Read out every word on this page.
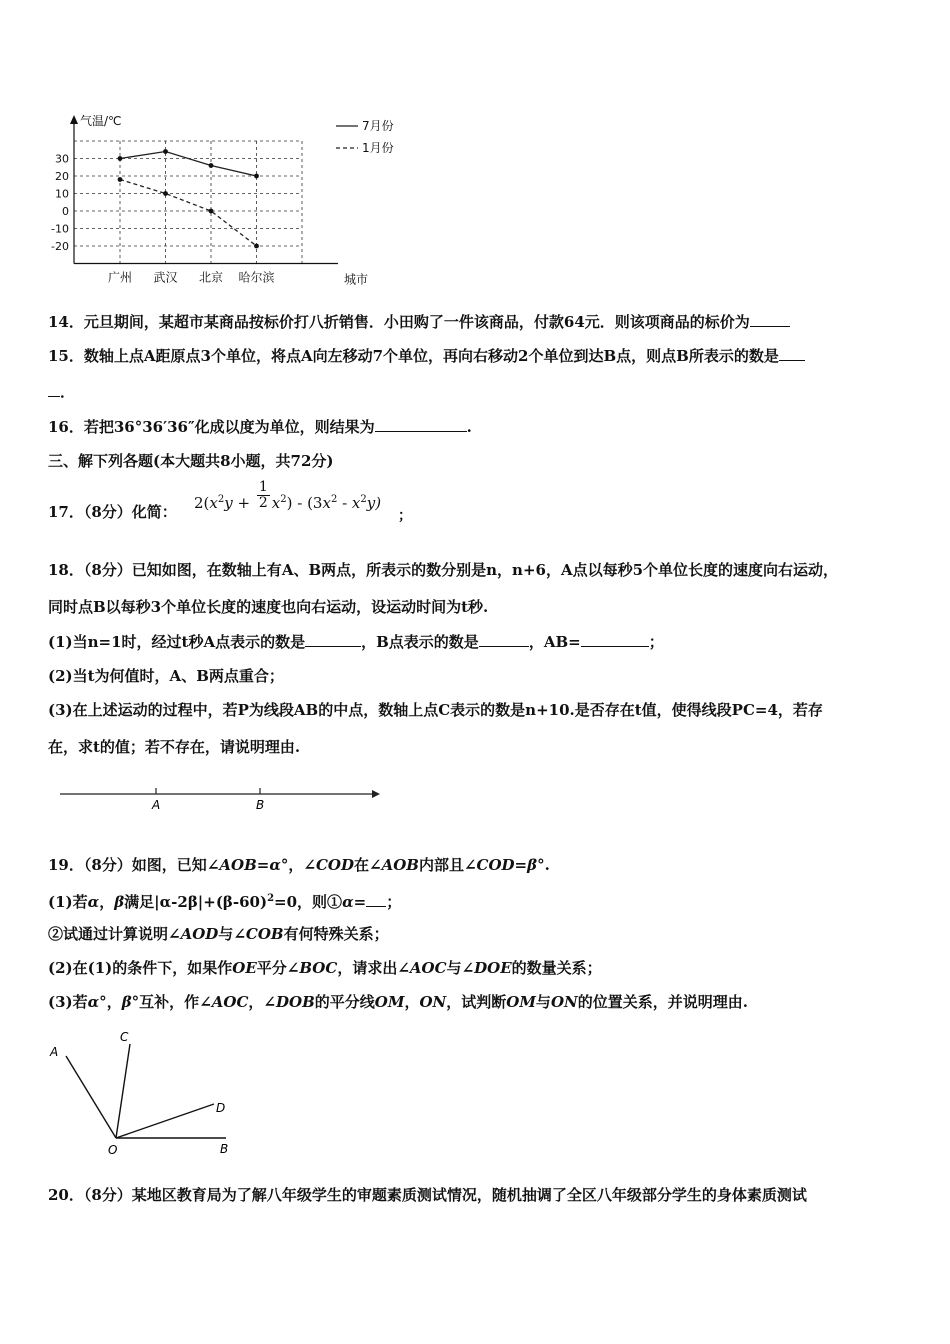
气温/℃
30
20
10
0
-10
-20
广州 武汉 北京 哈尔滨	城市
7月份
1月份
14．元旦期间，某超市某商品按标价打八折销售．小田购了一件该商品，付款64元．则该项商品的标价为
15．数轴上点A距原点3个单位，将点A向左移动7个单位，再向右移动2个单位到达B点，则点B所表示的数是
．
16．若把36°36′36″化成以度为单位，则结果为	.
三、解下列各题(本大题共8小题，共72分)
17．（8分）化简：
$2(x^2y + \frac{1}{2} x^2) - (3x^2 - x^2y)$
；
18．（8分）已知如图，在数轴上有A、B两点，所表示的数分别是n，n+6，A点以每秒5个单位长度的速度向右运动，
同时点B以每秒3个单位长度的速度也向右运动，设运动时间为t秒.
(1)当n=1时，经过t秒A点表示的数是	，B点表示的数是	，AB=	；
(2)当t为何值时，A、B两点重合；
(3)在上述运动的过程中，若P为线段AB的中点，数轴上点C表示的数是n+10.是否存在t值，使得线段PC=4，若存
在，求t的值；若不存在，请说明理由.
A	B
19．（8分）如图，已知∠AOB=α°，∠COD在∠AOB内部且∠COD=β°.
(1)若α，β满足$|\alpha-2\beta|+(\beta-60)^2=0$，则①α= ；
②试通过计算说明∠AOD与∠COB有何特殊关系；
(2)在(1)的条件下，如果作OE平分∠BOC，请求出∠AOC与∠DOE的数量关系；
(3)若α°，β°互补，作∠AOC，∠DOB的平分线OM，ON，试判断OM与ON的位置关系，并说明理由.
A
C
D
O	B
20．（8分）某地区教育局为了解八年级学生的审题素质测试情况，随机抽调了全区八年级部分学生的身体素质测试
